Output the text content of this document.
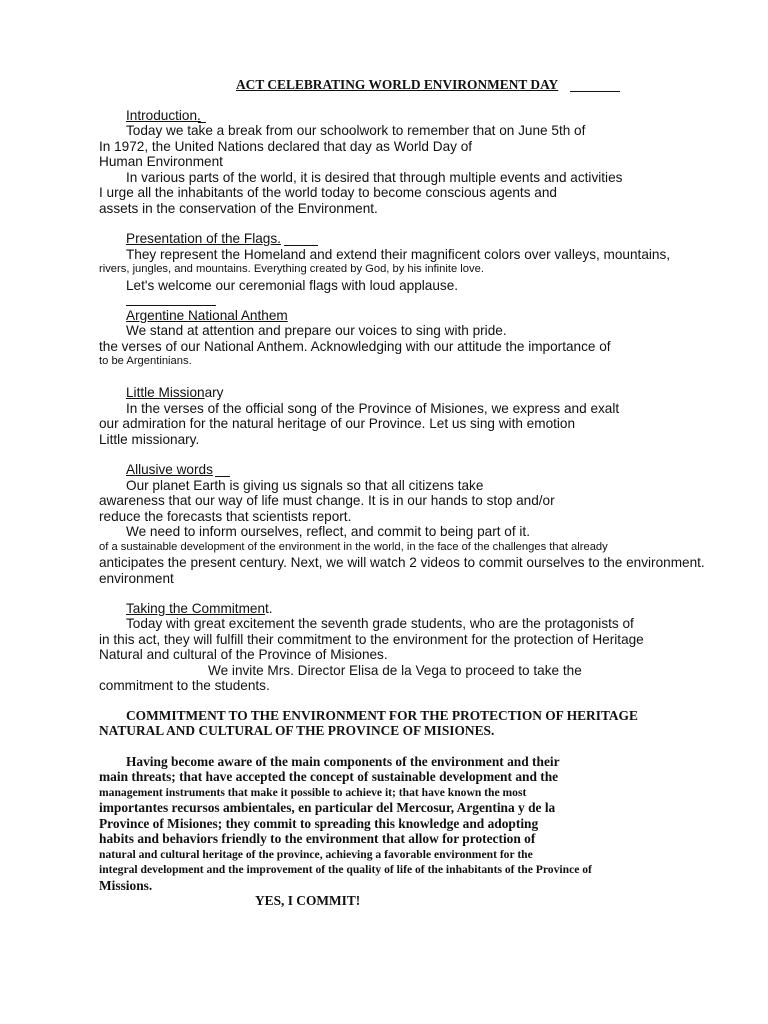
ACT CELEBRATING WORLD ENVIRONMENT DAY
Introduction.
Today we take a break from our schoolwork to remember that on June 5th of
In 1972, the United Nations declared that day as World Day of
Human Environment
In various parts of the world, it is desired that through multiple events and activities
I urge all the inhabitants of the world today to become conscious agents and
assets in the conservation of the Environment.
Presentation of the Flags.
They represent the Homeland and extend their magnificent colors over valleys, mountains,
rivers, jungles, and mountains. Everything created by God, by his infinite love.
Let's welcome our ceremonial flags with loud applause.
Argentine National Anthem
We stand at attention and prepare our voices to sing with pride.
the verses of our National Anthem. Acknowledging with our attitude the importance of
to be Argentinians.
Little Missionary
In the verses of the official song of the Province of Misiones, we express and exalt
our admiration for the natural heritage of our Province. Let us sing with emotion
Little missionary.
Allusive words
Our planet Earth is giving us signals so that all citizens take
awareness that our way of life must change. It is in our hands to stop and/or
reduce the forecasts that scientists report.
We need to inform ourselves, reflect, and commit to being part of it.
of a sustainable development of the environment in the world, in the face of the challenges that already
anticipates the present century. Next, we will watch 2 videos to commit ourselves to the environment.
environment
Taking the Commitment.
Today with great excitement the seventh grade students, who are the protagonists of
in this act, they will fulfill their commitment to the environment for the protection of Heritage
Natural and cultural of the Province of Misiones.
We invite Mrs. Director Elisa de la Vega to proceed to take the
commitment to the students.
COMMITMENT TO THE ENVIRONMENT FOR THE PROTECTION OF HERITAGE
NATURAL AND CULTURAL OF THE PROVINCE OF MISIONES.
Having become aware of the main components of the environment and their
main threats; that have accepted the concept of sustainable development and the
management instruments that make it possible to achieve it; that have known the most
importantes recursos ambientales, en particular del Mercosur, Argentina y de la
Province of Misiones; they commit to spreading this knowledge and adopting
habits and behaviors friendly to the environment that allow for protection of
natural and cultural heritage of the province, achieving a favorable environment for the
integral development and the improvement of the quality of life of the inhabitants of the Province of
Missions.
YES, I COMMIT!
